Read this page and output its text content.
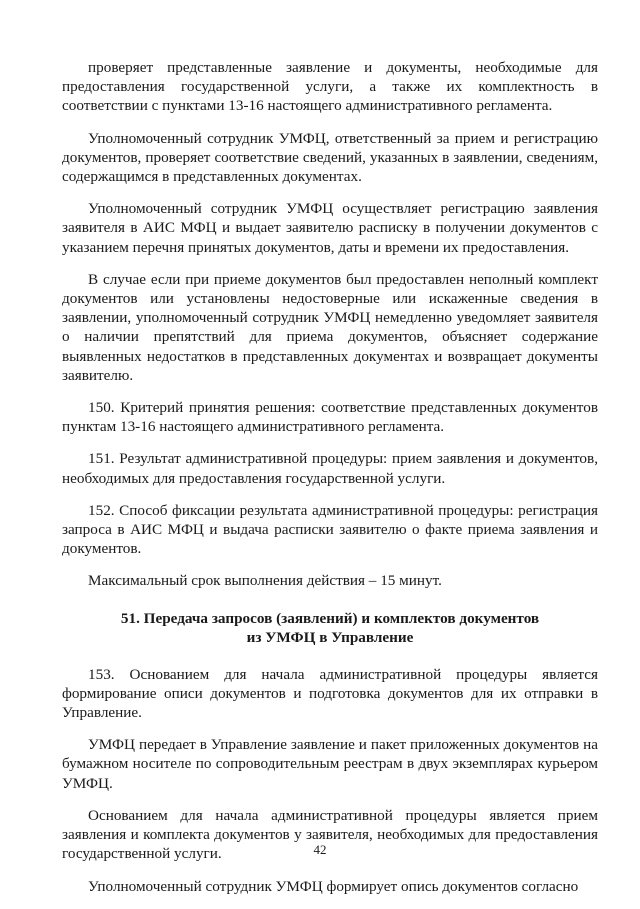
проверяет представленные заявление и документы, необходимые для предоставления государственной услуги, а также их комплектность в соответствии с пунктами 13-16 настоящего административного регламента.

Уполномоченный сотрудник УМФЦ, ответственный за прием и регистрацию документов, проверяет соответствие сведений, указанных в заявлении, сведениям, содержащимся в представленных документах.

Уполномоченный сотрудник УМФЦ осуществляет регистрацию заявления заявителя в АИС МФЦ и выдает заявителю расписку в получении документов с указанием перечня принятых документов, даты и времени их предоставления.

В случае если при приеме документов был предоставлен неполный комплект документов или установлены недостоверные или искаженные сведения в заявлении, уполномоченный сотрудник УМФЦ немедленно уведомляет заявителя о наличии препятствий для приема документов, объясняет содержание выявленных недостатков в представленных документах и возвращает документы заявителю.

150. Критерий принятия решения: соответствие представленных документов пунктам 13-16 настоящего административного регламента.

151. Результат административной процедуры: прием заявления и документов, необходимых для предоставления государственной услуги.

152. Способ фиксации результата административной процедуры: регистрация запроса в АИС МФЦ и выдача расписки заявителю о факте приема заявления и документов.

Максимальный срок выполнения действия – 15 минут.

51. Передача запросов (заявлений) и комплектов документов
из УМФЦ в Управление

153. Основанием для начала административной процедуры является формирование описи документов и подготовка документов для их отправки в Управление.

УМФЦ передает в Управление заявление и пакет приложенных документов на бумажном носителе по сопроводительным реестрам в двух экземплярах курьером УМФЦ.

Основанием для начала административной процедуры является прием заявления и комплекта документов у заявителя, необходимых для предоставления государственной услуги.

Уполномоченный сотрудник УМФЦ формирует опись документов согласно

42
